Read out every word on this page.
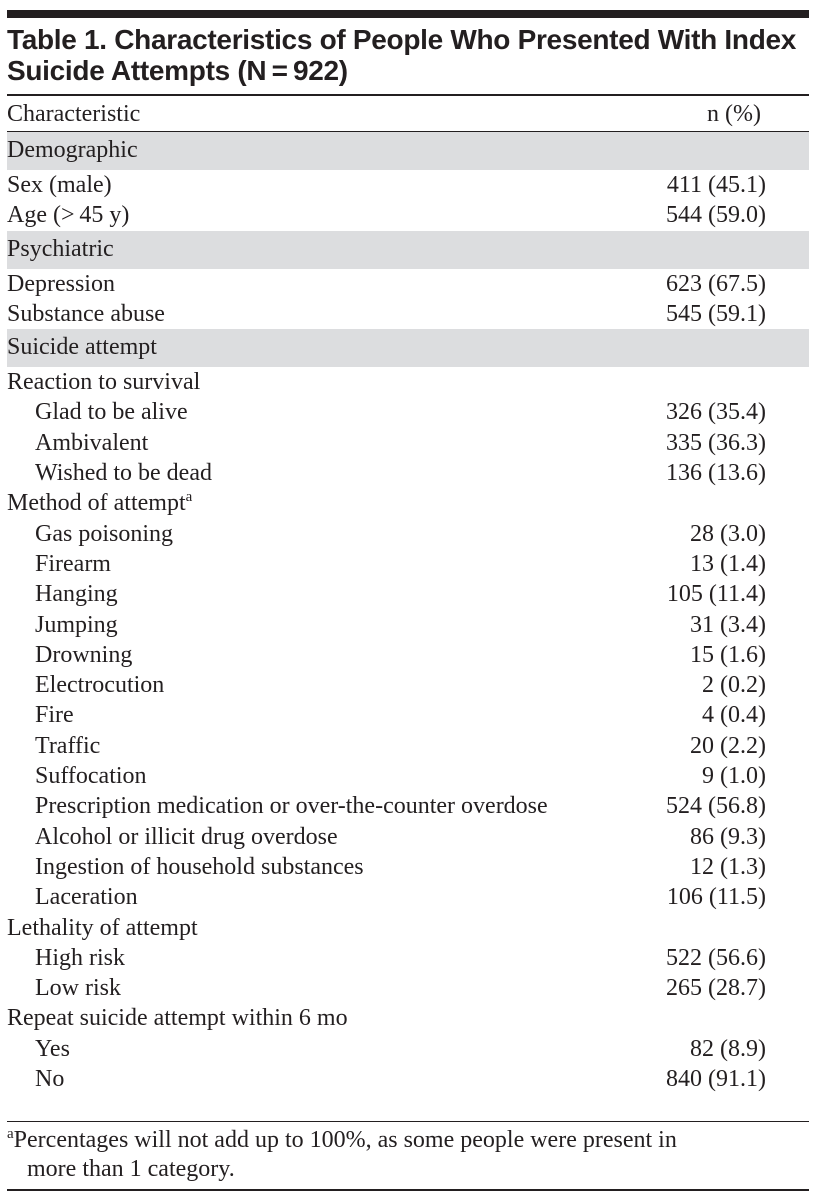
Table 1. Characteristics of People Who Presented With Index
Suicide Attempts (N = 922)
Characteristic	n (%)
Demographic
Sex (male)	411 (45.1)
Age (> 45 y)	544 (59.0)
Psychiatric
Depression	623 (67.5)
Substance abuse	545 (59.1)
Suicide attempt
Reaction to survival
Glad to be alive	326 (35.4)
Ambivalent	335 (36.3)
Wished to be dead	136 (13.6)
Method of attempt$^a$
Gas poisoning	28 (3.0)
Firearm	13 (1.4)
Hanging	105 (11.4)
Jumping	31 (3.4)
Drowning	15 (1.6)
Electrocution	2 (0.2)
Fire	4 (0.4)
Traffic	20 (2.2)
Suffocation	9 (1.0)
Prescription medication or over-the-counter overdose	524 (56.8)
Alcohol or illicit drug overdose	86 (9.3)
Ingestion of household substances	12 (1.3)
Laceration	106 (11.5)
Lethality of attempt
High risk	522 (56.6)
Low risk	265 (28.7)
Repeat suicide attempt within 6 mo
Yes	82 (8.9)
No	840 (91.1)
$^a$Percentages will not add up to 100%, as some people were present in
more than 1 category.
